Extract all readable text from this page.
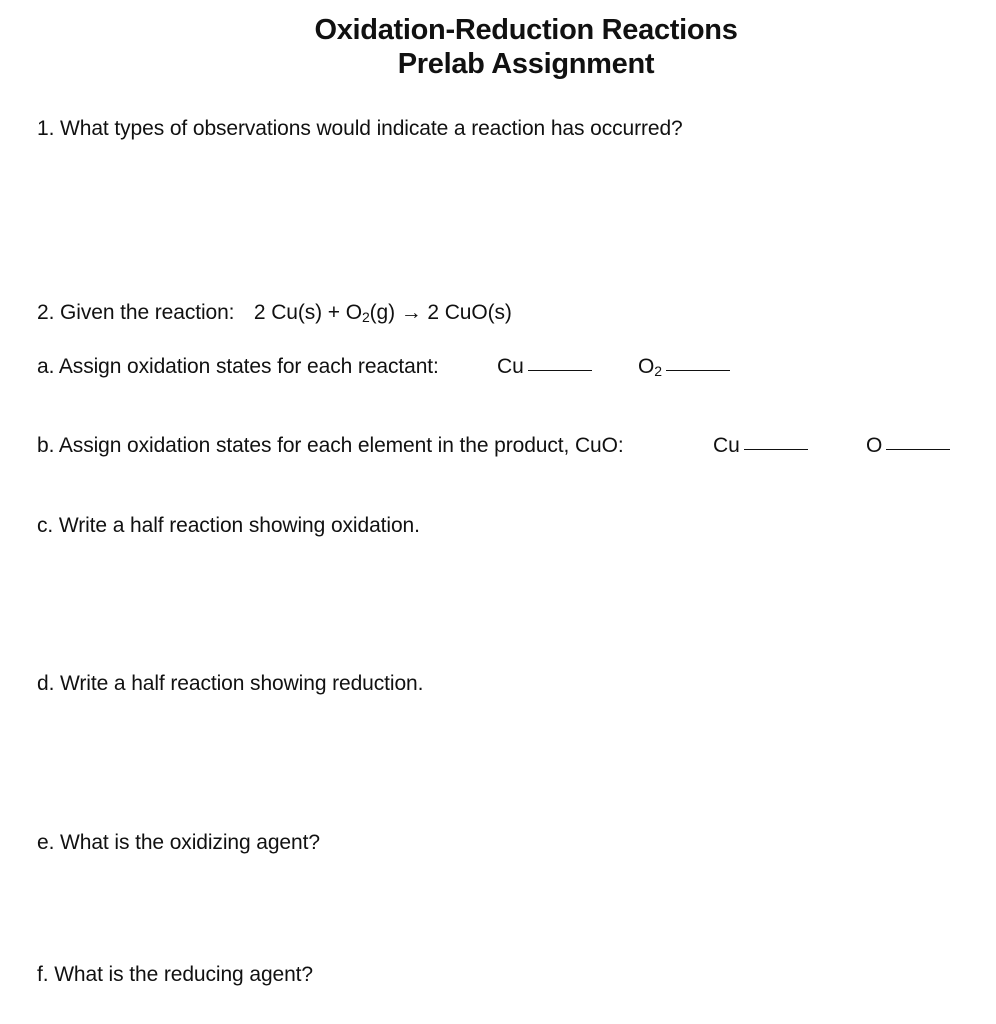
Oxidation-Reduction Reactions
Prelab Assignment
1. What types of observations would indicate a reaction has occurred?
2. Given the reaction: 2 $Cu(s) + O_2(g) \to 2$ CuO(s)
a. Assign oxidation states for each reactant:	Cu	$O_2$
b. Assign oxidation states for each element in the product, CuO:	Cu	O
c. Write a half reaction showing oxidation.
d. Write a half reaction showing reduction.
e. What is the oxidizing agent?
f. What is the reducing agent?
